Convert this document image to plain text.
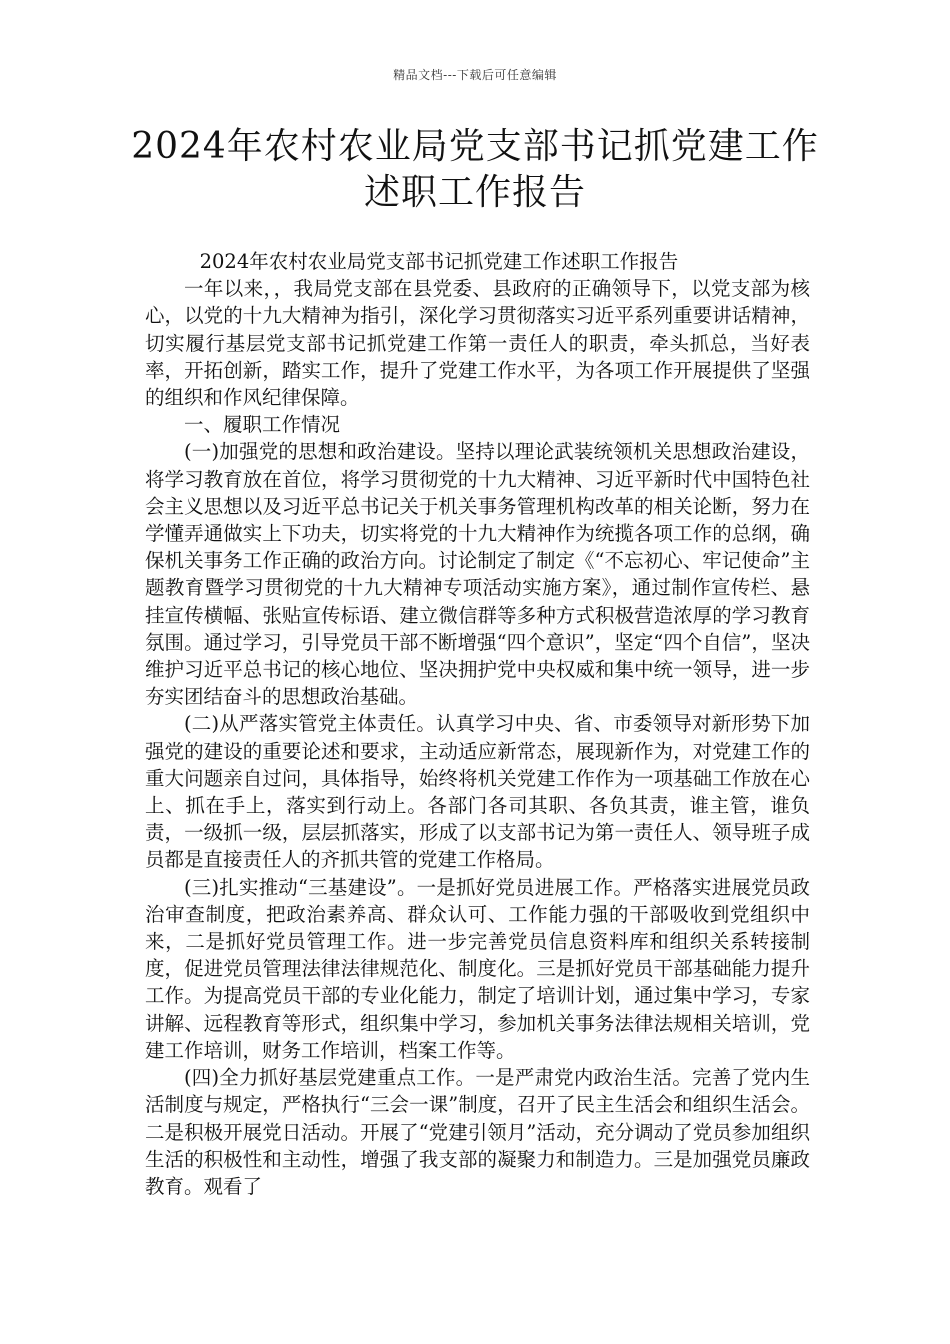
精品文档---下载后可任意编辑
2024年农村农业局党支部书记抓党建工作
述职工作报告

2024年农村农业局党支部书记抓党建工作述职工作报告

一年以来，，我局党支部在县党委、县政府的正确领导下，以党支部为核心，以党的十九大精神为指引，深化学习贯彻落实习近平系列重要讲话精神，切实履行基层党支部书记抓党建工作第一责任人的职责，牵头抓总，当好表率，开拓创新，踏实工作，提升了党建工作水平，为各项工作开展提供了坚强的组织和作风纪律保障。

一、履职工作情况

(一)加强党的思想和政治建设。坚持以理论武装统领机关思想政治建设，将学习教育放在首位，将学习贯彻党的十九大精神、习近平新时代中国特色社会主义思想以及习近平总书记关于机关事务管理机构改革的相关论断，努力在学懂弄通做实上下功夫，切实将党的十九大精神作为统揽各项工作的总纲，确保机关事务工作正确的政治方向。讨论制定了制定《“不忘初心、牢记使命”主题教育暨学习贯彻党的十九大精神专项活动实施方案》，通过制作宣传栏、悬挂宣传横幅、张贴宣传标语、建立微信群等多种方式积极营造浓厚的学习教育氛围。通过学习，引导党员干部不断增强“四个意识”，坚定“四个自信”，坚决维护习近平总书记的核心地位、坚决拥护党中央权威和集中统一领导，进一步夯实团结奋斗的思想政治基础。

(二)从严落实管党主体责任。认真学习中央、省、市委领导对新形势下加强党的建设的重要论述和要求，主动适应新常态，展现新作为，对党建工作的重大问题亲自过问，具体指导，始终将机关党建工作作为一项基础工作放在心上、抓在手上，落实到行动上。各部门各司其职、各负其责，谁主管，谁负责，一级抓一级，层层抓落实，形成了以支部书记为第一责任人、领导班子成员都是直接责任人的齐抓共管的党建工作格局。

(三)扎实推动“三基建设”。一是抓好党员进展工作。严格落实进展党员政治审查制度，把政治素养高、群众认可、工作能力强的干部吸收到党组织中来，二是抓好党员管理工作。进一步完善党员信息资料库和组织关系转接制度，促进党员管理法律法律规范化、制度化。三是抓好党员干部基础能力提升工作。为提高党员干部的专业化能力，制定了培训计划，通过集中学习，专家讲解、远程教育等形式，组织集中学习，参加机关事务法律法规相关培训，党建工作培训，财务工作培训，档案工作等。

(四)全力抓好基层党建重点工作。一是严肃党内政治生活。完善了党内生活制度与规定，严格执行“三会一课”制度，召开了民主生活会和组织生活会。二是积极开展党日活动。开展了“党建引领月”活动，充分调动了党员参加组织生活的积极性和主动性，增强了我支部的凝聚力和制造力。三是加强党员廉政教育。观看了
